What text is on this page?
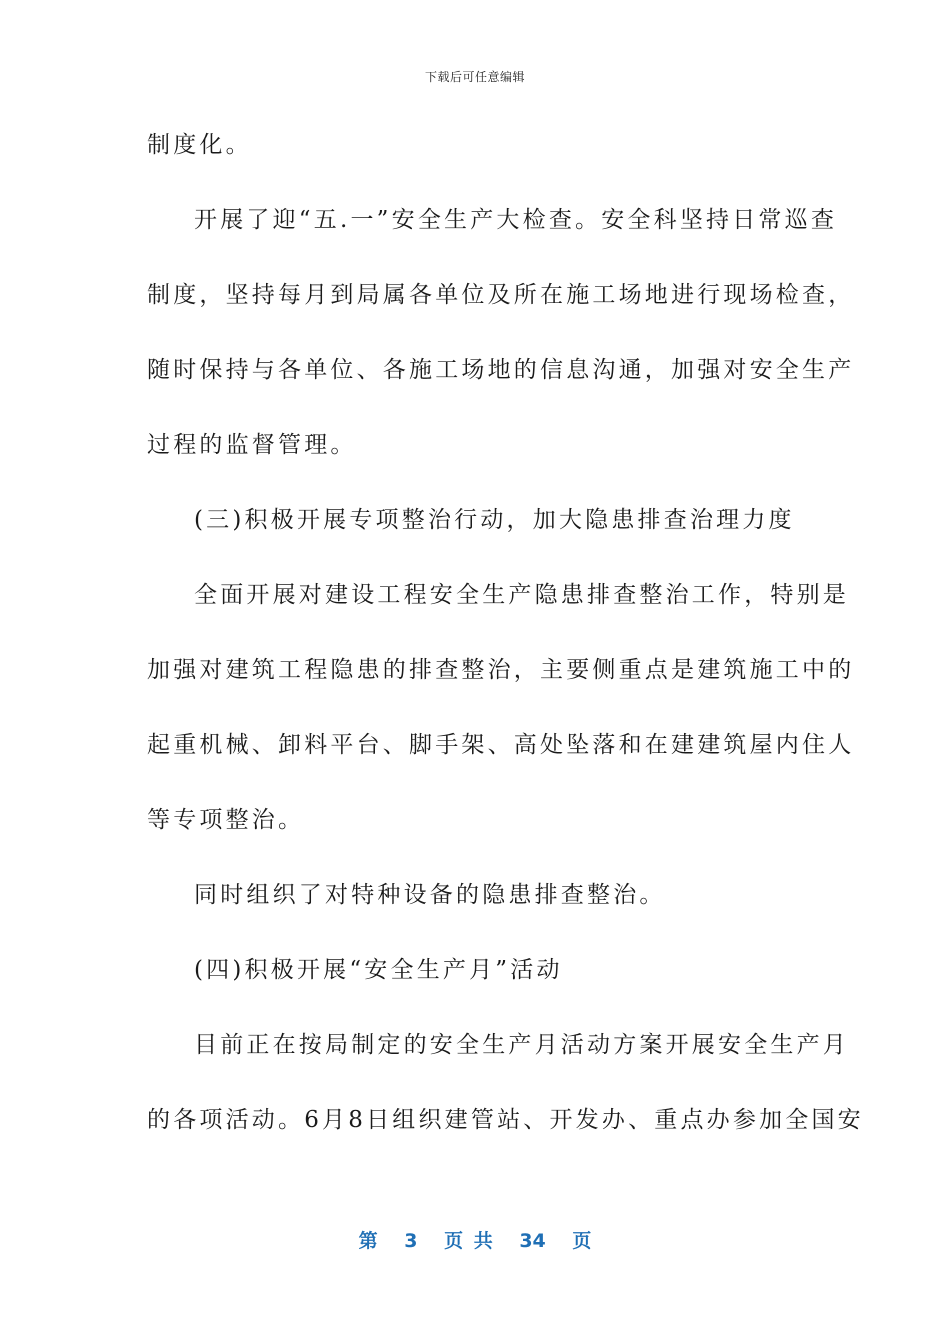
下载后可任意编辑
制度化。
开展了迎“五.一”安全生产大检查。安全科坚持日常巡查
制度，坚持每月到局属各单位及所在施工场地进行现场检查，
随时保持与各单位、各施工场地的信息沟通，加强对安全生产
过程的监督管理。
(三)积极开展专项整治行动，加大隐患排查治理力度
全面开展对建设工程安全生产隐患排查整治工作，特别是
加强对建筑工程隐患的排查整治，主要侧重点是建筑施工中的
起重机械、卸料平台、脚手架、高处坠落和在建建筑屋内住人
等专项整治。
同时组织了对特种设备的隐患排查整治。
(四)积极开展“安全生产月”活动
目前正在按局制定的安全生产月活动方案开展安全生产月
的各项活动。6月8日组织建管站、开发办、重点办参加全国安
第 3 页 共 34 页
